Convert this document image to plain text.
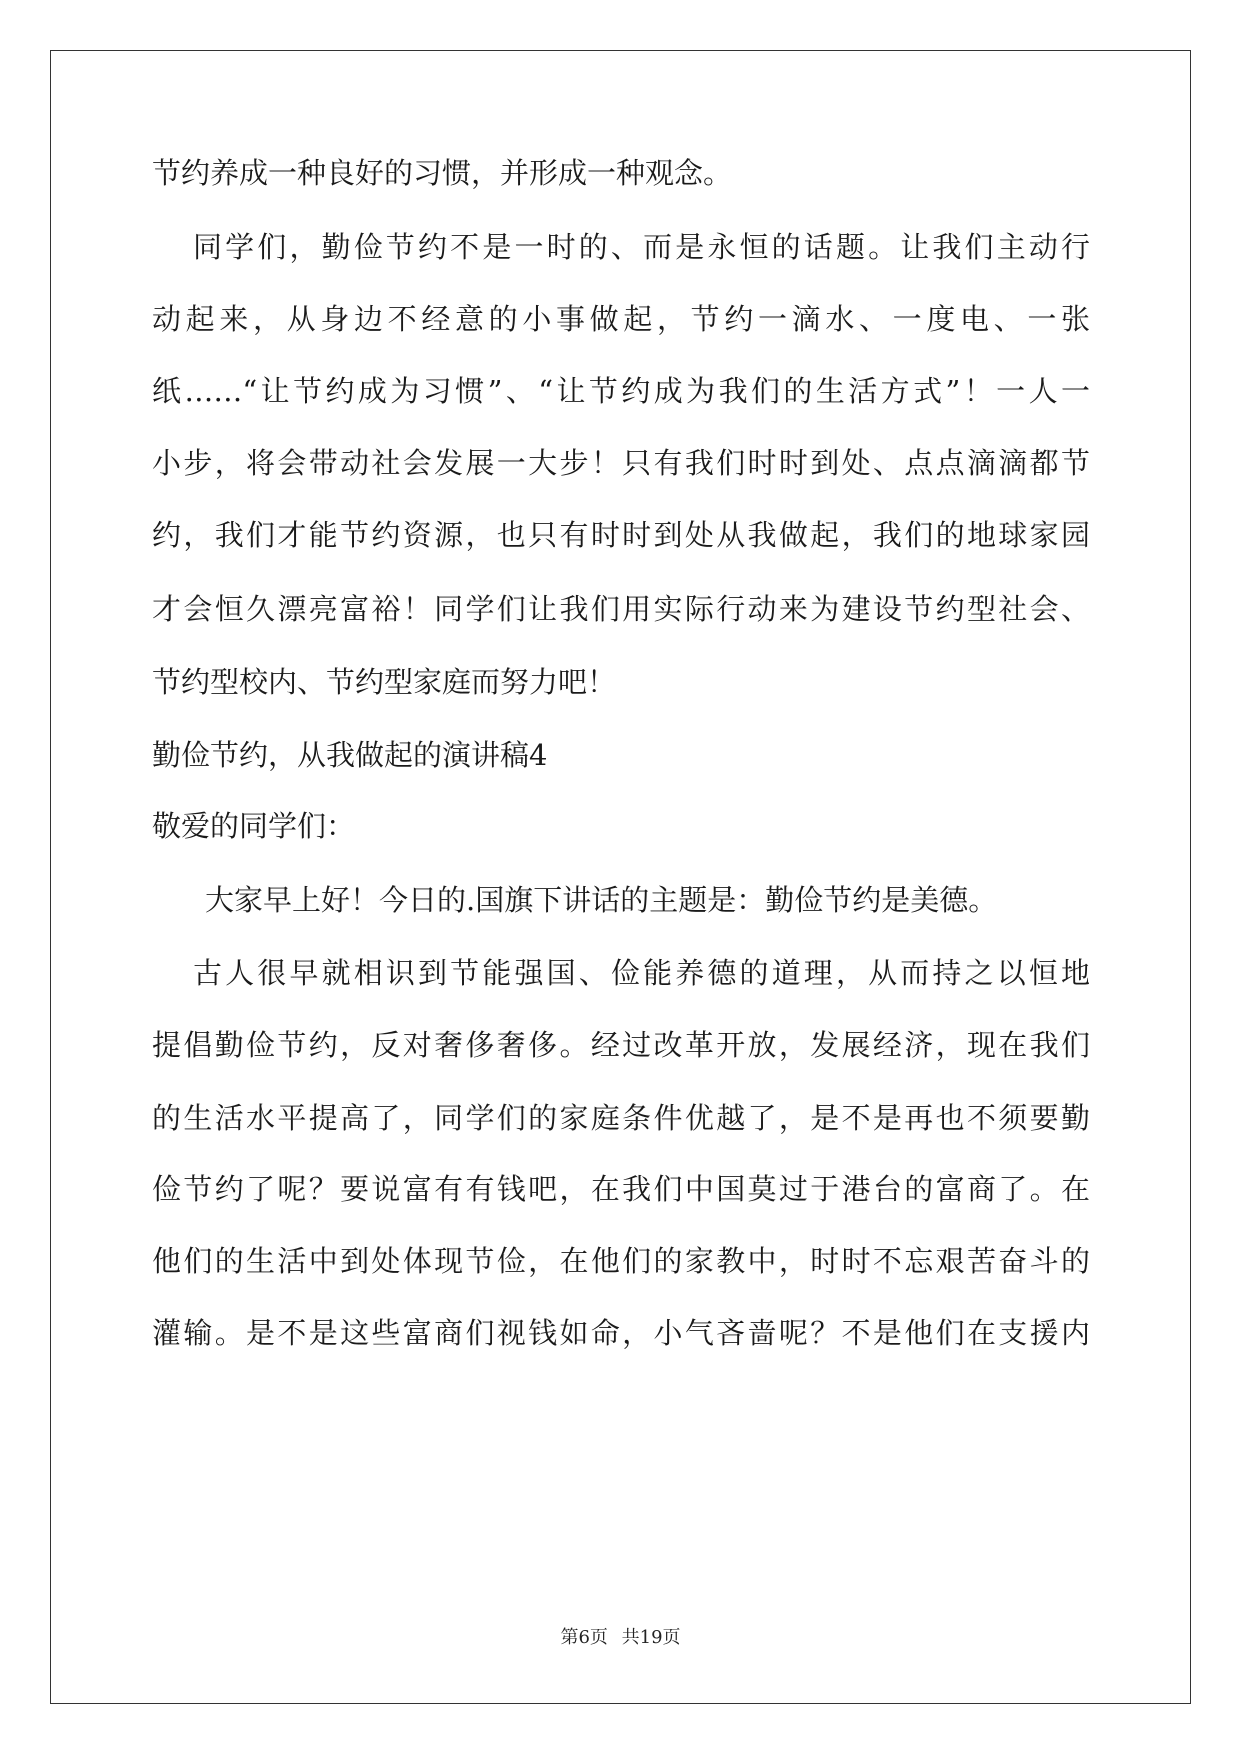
节约养成一种良好的习惯，并形成一种观念。
同学们，勤俭节约不是一时的、而是永恒的话题。让我们主动行
动起来，从身边不经意的小事做起，节约一滴水、一度电、一张
纸……“让节约成为习惯”、“让节约成为我们的生活方式”！一人一
小步，将会带动社会发展一大步！只有我们时时到处、点点滴滴都节
约，我们才能节约资源，也只有时时到处从我做起，我们的地球家园
才会恒久漂亮富裕！同学们让我们用实际行动来为建设节约型社会、
节约型校内、节约型家庭而努力吧！
勤俭节约，从我做起的演讲稿4
敬爱的同学们：
大家早上好！今日的.国旗下讲话的主题是：勤俭节约是美德。
古人很早就相识到节能强国、俭能养德的道理，从而持之以恒地
提倡勤俭节约，反对奢侈奢侈。经过改革开放，发展经济，现在我们
的生活水平提高了，同学们的家庭条件优越了，是不是再也不须要勤
俭节约了呢？要说富有有钱吧，在我们中国莫过于港台的富商了。在
他们的生活中到处体现节俭，在他们的家教中，时时不忘艰苦奋斗的
灌输。是不是这些富商们视钱如命，小气吝啬呢？不是他们在支援内
第6页 共19页
